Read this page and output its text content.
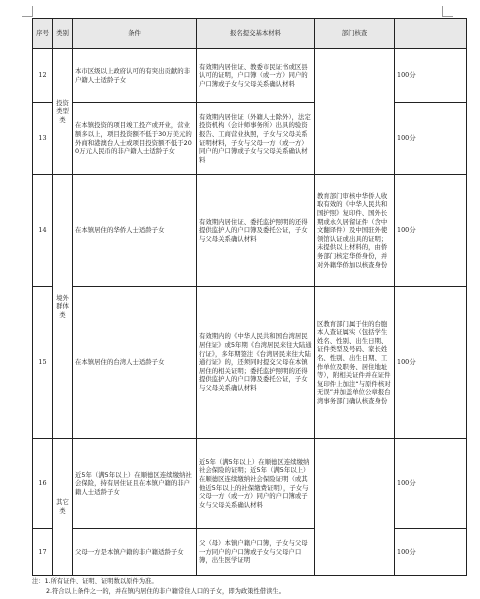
序号	类别	条件	报名提交基本材料	部门核查	
12	投资类型类	本市区级以上政府认可的有突出贡献的非户籍人士适龄子女	有效期内居住证、教委市民证书或区县认可的证明，户口簿（或一方）同户的户口簿或子女与父母关系确认材料		100分
13		在本镇投资的项目竣工投产或开业，营业额多以上，项目投资额不低于30万美元的外商和港澳台人士或项目投资额不低于200万元人民币的非户籍人士适龄子女	有效期内居住证（外籍人士除外），法定投资机构（会计师事务所）出具的验资报告、工商营业执照，子女与父母关系证明材料，子女与父母一方（或一方）同户的户口簿或子女与父母关系确认材料		100分
14	境外群体类	在本镇居住的华侨人士适龄子女	有效期内居住证、委托监护照明的还得提供监护人的户口簿及委托公证，子女与父母关系确认材料	教育部门审核中华侨人收取有效的《中华人民共和国护照》复印件、国外长期或永久居留证件（含中文翻译件）及中国驻外使领馆认证或出具的证明；未提供以上材料的，由侨务部门核定华侨身份，并对外籍华侨加以核查身份	100分
15		在本镇居住的台湾人士适龄子女	有效期内的《中华人民共和国台湾居民居住证》或5年期《台湾居民来往大陆通行证》，多年期签注《台湾居民来往大陆通行证》的，还须同时提交父母在本镇居住的相关证明；委托监护照明的还得提供监护人的户口簿及委托公证，子女与父母关系确认材料	区教育部门属于住的台胞本人查证属实（包括学生姓名、性别、出生日期、证件类型及号码、家长姓名、性别、出生日期、工作单位及职务、居住地址等），附相关证件并在证件复印件上加注“与原件核对无误”并加盖单位公章报台湾事务部门确认核查身份	100分
16	其它类	近5年（满5年以上）在顺德区连续缴纳社会保险，持有居住证且在本镇户籍的非户籍人士适龄子女	近5年（满5年以上）在顺德区连续缴纳社会保险的证明；近5年（满5年以上）在顺德区连续缴纳社会保险证明（或其他近5年以上的社保缴费证明），子女与父母一方（或一方）同户的户口簿或子女与父母关系确认材料		100分
17		父母一方是本镇户籍的非户籍适龄子女	父（母）本镇户籍户口簿，子女与父母一方同户的户口簿或子女与父母户口簿，出生医学证明		100分
注：1.所有证件、证明、证明数以原件为准。
2.符合以上条件之一的，并在镇内居住的非户籍常住人口的子女，即为政策性借读生。
